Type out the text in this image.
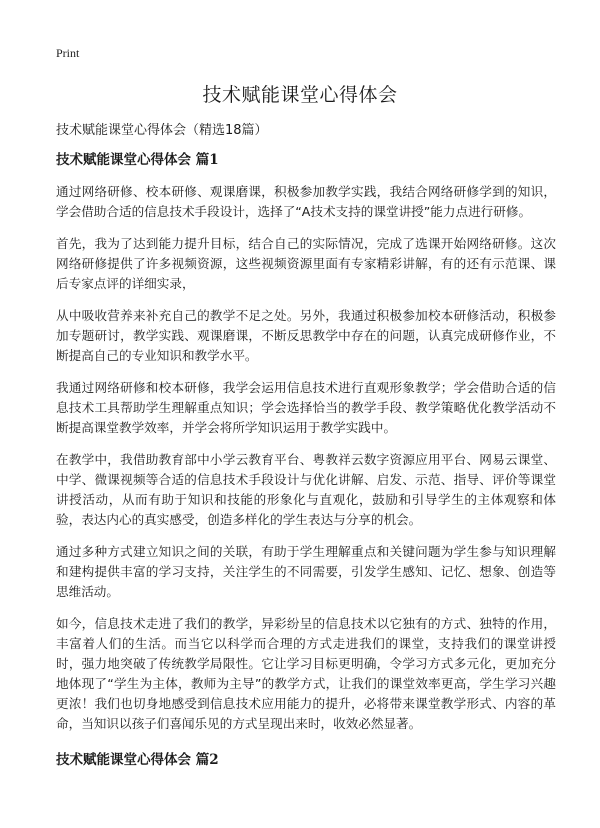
Print
技术赋能课堂心得体会

技术赋能课堂心得体会（精选18篇）

技术赋能课堂心得体会 篇1

通过网络研修、校本研修、观课磨课，积极参加教学实践，我结合网络研修学到的知识，学会借助合适的信息技术手段设计，选择了“A技术支持的课堂讲授”能力点进行研修。

首先，我为了达到能力提升目标，结合自己的实际情况，完成了选课开始网络研修。这次网络研修提供了许多视频资源，这些视频资源里面有专家精彩讲解，有的还有示范课、课后专家点评的详细实录，

从中吸收营养来补充自己的教学不足之处。另外，我通过积极参加校本研修活动，积极参加专题研讨，教学实践、观课磨课，不断反思教学中存在的问题，认真完成研修作业，不断提高自己的专业知识和教学水平。

我通过网络研修和校本研修，我学会运用信息技术进行直观形象教学；学会借助合适的信息技术工具帮助学生理解重点知识；学会选择恰当的教学手段、教学策略优化教学活动不断提高课堂教学效率，并学会将所学知识运用于教学实践中。

在教学中，我借助教育部中小学云教育平台、粤教祥云数字资源应用平台、网易云课堂、中学、微课视频等合适的信息技术手段设计与优化讲解、启发、示范、指导、评价等课堂讲授活动，从而有助于知识和技能的形象化与直观化，鼓励和引导学生的主体观察和体验，表达内心的真实感受，创造多样化的学生表达与分享的机会。

通过多种方式建立知识之间的关联，有助于学生理解重点和关键问题为学生参与知识理解和建构提供丰富的学习支持，关注学生的不同需要，引发学生感知、记忆、想象、创造等思维活动。

如今，信息技术走进了我们的教学，异彩纷呈的信息技术以它独有的方式、独特的作用，丰富着人们的生活。而当它以科学而合理的方式走进我们的课堂，支持我们的课堂讲授时，强力地突破了传统教学局限性。它让学习目标更明确，令学习方式多元化，更加充分地体现了“学生为主体，教师为主导”的教学方式，让我们的课堂效率更高，学生学习兴趣更浓！我们也切身地感受到信息技术应用能力的提升，必将带来课堂教学形式、内容的革命，当知识以孩子们喜闻乐见的方式呈现出来时，收效必然显著。

技术赋能课堂心得体会 篇2
